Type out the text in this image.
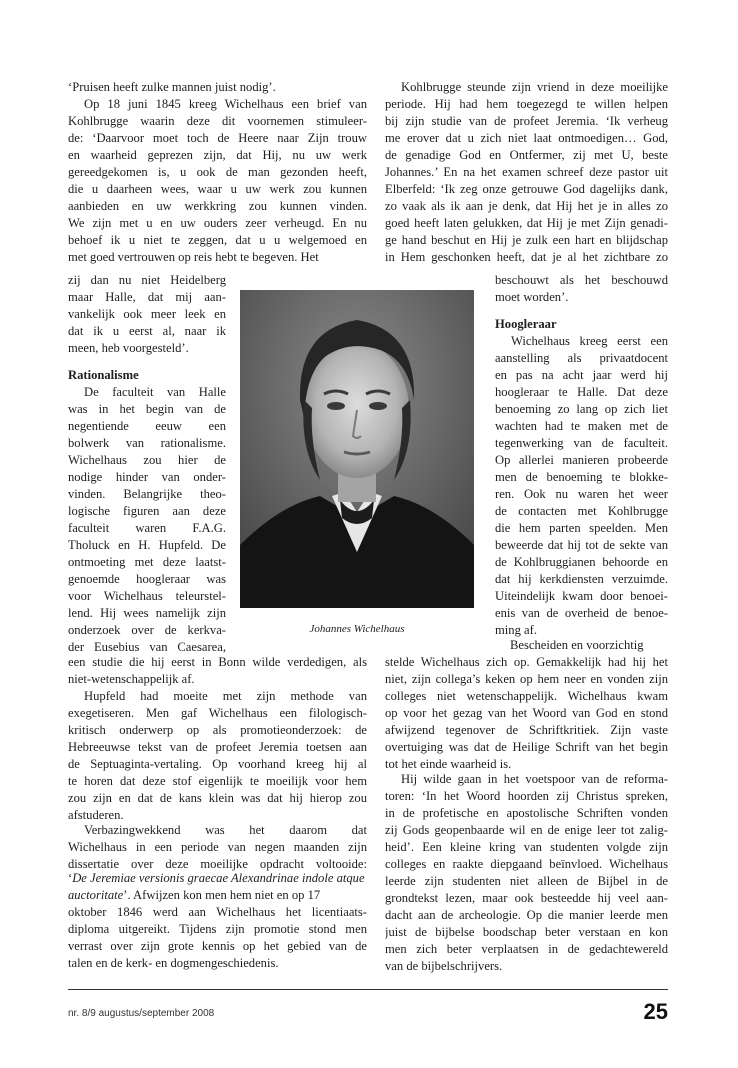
‘Pruisen heeft zulke mannen juist nodig’.
Op 18 juni 1845 kreeg Wichelhaus een brief van
Kohlbrugge waarin deze dit voornemen stimuleer-
de: ‘Daarvoor moet toch de Heere naar Zijn trouw
en waarheid geprezen zijn, dat Hij, nu uw werk
gereedgekomen is, u ook de man gezonden heeft,
die u daarheen wees, waar u uw werk zou kunnen
aanbieden en uw werkkring zou kunnen vinden.
We zijn met u en uw ouders zeer verheugd. En nu
behoef ik u niet te zeggen, dat u u welgemoed en
met goed vertrouwen op reis hebt te begeven. Het
zij dan nu niet Heidelberg
maar Halle, dat mij aan-
vankelijk ook meer leek en
dat ik u eerst al, naar ik
meen, heb voorgesteld’.
Rationalisme
De faculteit van Halle
was in het begin van de
negentiende eeuw een
bolwerk van rationalisme.
Wichelhaus zou hier de
nodige hinder van onder-
vinden. Belangrijke theo-
logische figuren aan deze
faculteit waren F.A.G.
Tholuck en H. Hupfeld. De
ontmoeting met deze laatst-
genoemde hoogleraar was
voor Wichelhaus teleurstel-
lend. Hij wees namelijk zijn
onderzoek over de kerkva-
der Eusebius van Caesarea,
een studie die hij eerst in Bonn wilde verdedigen, als
niet-wetenschappelijk af.
Hupfeld had moeite met zijn methode van
exegetiseren. Men gaf Wichelhaus een filologisch-
kritisch onderwerp op als promotieonderzoek: de
Hebreeuwse tekst van de profeet Jeremia toetsen aan
de Septuaginta-vertaling. Op voorhand kreeg hij al
te horen dat deze stof eigenlijk te moeilijk voor hem
zou zijn en dat de kans klein was dat hij hierop zou
afstuderen.
Verbazingwekkend was het daarom dat
Wichelhaus in een periode van negen maanden zijn
dissertatie over deze moeilijke opdracht voltooide:
‘De Jeremiae versionis graecae Alexandrinae indole atque
auctoritate’. Afwijzen kon men hem niet en op 17
oktober 1846 werd aan Wichelhaus het licentiaats-
diploma uitgereikt. Tijdens zijn promotie stond men
verrast over zijn grote kennis op het gebied van de
talen en de kerk- en dogmengeschiedenis.
Kohlbrugge steunde zijn vriend in deze moeilijke
periode. Hij had hem toegezegd te willen helpen
bij zijn studie van de profeet Jeremia. ‘Ik verheug
me erover dat u zich niet laat ontmoedigen… God,
de genadige God en Ontfermer, zij met U, beste
Johannes.’ En na het examen schreef deze pastor uit
Elberfeld: ‘Ik zeg onze getrouwe God dagelijks dank,
zo vaak als ik aan je denk, dat Hij het je in alles zo
goed heeft laten gelukken, dat Hij je met Zijn genadi-
ge hand beschut en Hij je zulk een hart en blijdschap
in Hem geschonken heeft, dat je al het zichtbare zo
beschouwt als het beschouwd
moet worden’.
Hoogleraar
Wichelhaus kreeg eerst een
aanstelling als privaatdocent
en pas na acht jaar werd hij
hoogleraar te Halle. Dat deze
benoeming zo lang op zich liet
wachten had te maken met de
tegenwerking van de faculteit.
Op allerlei manieren probeerde
men de benoeming te blokke-
ren. Ook nu waren het weer
de contacten met Kohlbrugge
die hem parten speelden. Men
beweerde dat hij tot de sekte van
de Kohlbruggianen behoorde en
dat hij kerkdiensten verzuimde.
Uiteindelijk kwam door benoei-
enis van de overheid de benoe-
ming af.
Bescheiden en voorzichtig
stelde Wichelhaus zich op. Gemakkelijk had hij het
niet, zijn collega’s keken op hem neer en vonden zijn
colleges niet wetenschappelijk. Wichelhaus kwam
op voor het gezag van het Woord van God en stond
afwijzend tegenover de Schriftkritiek. Zijn vaste
overtuiging was dat de Heilige Schrift van het begin
tot het einde waarheid is.
Hij wilde gaan in het voetspoor van de reforma-
toren: ‘In het Woord hoorden zij Christus spreken,
in de profetische en apostolische Schriften vonden
zij Gods geopenbaarde wil en de enige leer tot zalig-
heid’. Een kleine kring van studenten volgde zijn
colleges en raakte diepgaand beïnvloed. Wichelhaus
leerde zijn studenten niet alleen de Bijbel in de
grondtekst lezen, maar ook besteedde hij veel aan-
dacht aan de archeologie. Op die manier leerde men
juist de bijbelse boodschap beter verstaan en kon
men zich beter verplaatsen in de gedachtewereld
van de bijbelschrijvers.
Johannes Wichelhaus
nr. 8/9 augustus/september 2008	25
